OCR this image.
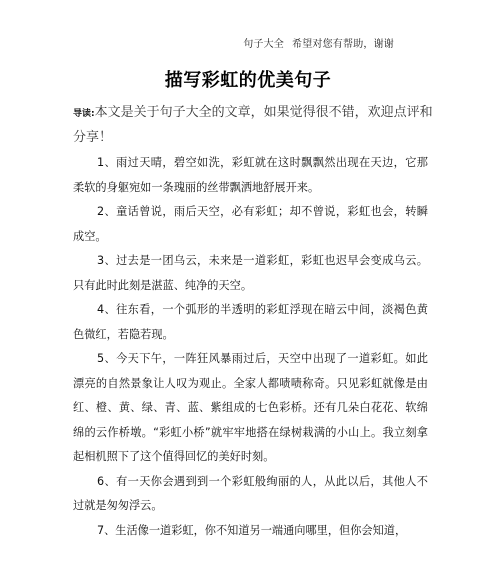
句子大全 希望对您有帮助，谢谢
描写彩虹的优美句子
导读:本文是关于句子大全的文章，如果觉得很不错，欢迎点评和分享！

1、雨过天晴，碧空如洗，彩虹就在这时飘飘然出现在天边，它那柔软的身躯宛如一条瑰丽的丝带飘洒地舒展开来。

2、童话曾说，雨后天空，必有彩虹；却不曾说，彩虹也会，转瞬成空。

3、过去是一团乌云，未来是一道彩虹，彩虹也迟早会变成乌云。只有此时此刻是湛蓝、纯净的天空。

4、往东看，一个弧形的半透明的彩虹浮现在暗云中间，淡褐色黄色微红，若隐若现。

5、今天下午，一阵狂风暴雨过后，天空中出现了一道彩虹。如此漂亮的自然景象让人叹为观止。全家人都啧啧称奇。只见彩虹就像是由红、橙、黄、绿、青、蓝、紫组成的七色彩桥。还有几朵白花花、软绵绵的云作桥墩。“彩虹小桥”就牢牢地搭在绿树栽满的小山上。我立刻拿起相机照下了这个值得回忆的美好时刻。

6、有一天你会遇到到一个彩虹般绚丽的人，从此以后，其他人不过就是匆匆浮云。

7、生活像一道彩虹，你不知道另一端通向哪里，但你会知道，
